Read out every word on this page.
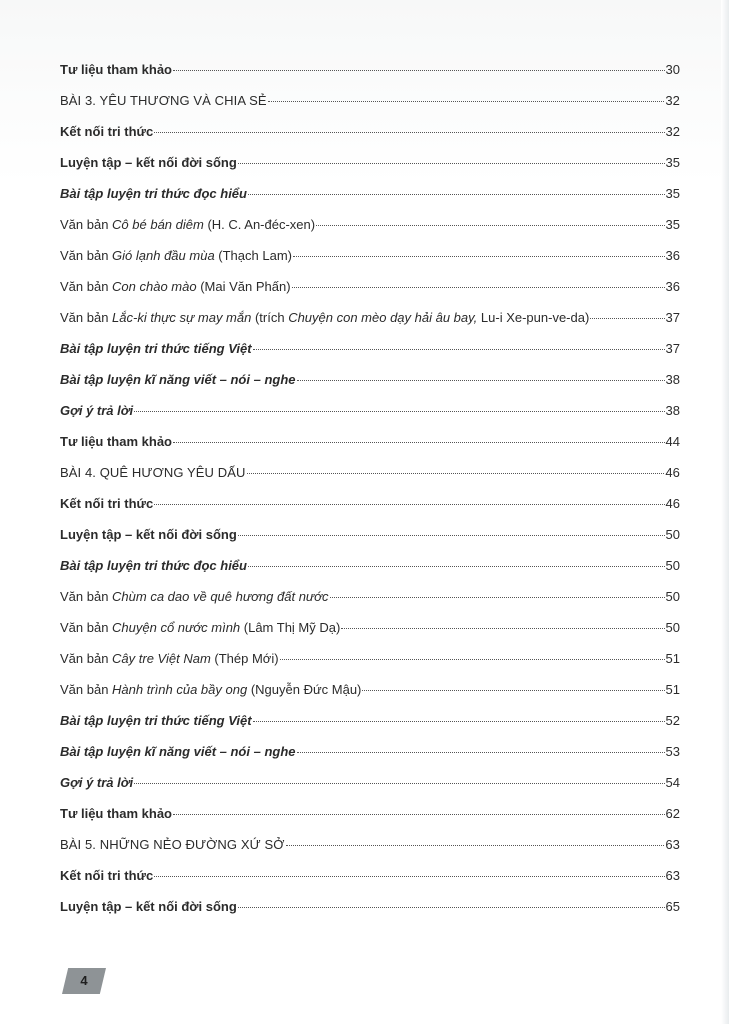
Tư liệu tham khảo	30
BÀI 3. YÊU THƯƠNG VÀ CHIA SẺ	32
Kết nối tri thức	32
Luyện tập – kết nối đời sống	35
Bài tập luyện tri thức đọc hiểu	35
Văn bản Cô bé bán diêm (H. C. An-đéc-xen)	35
Văn bản Gió lạnh đầu mùa (Thạch Lam)	36
Văn bản Con chào mào (Mai Văn Phấn)	36
Văn bản Lắc-ki thực sự may mắn (trích Chuyện con mèo dạy hải âu bay, Lu-i Xe-pun-ve-da)	37
Bài tập luyện tri thức tiếng Việt	37
Bài tập luyện kĩ năng viết – nói – nghe	38
Gợi ý trả lời	38
Tư liệu tham khảo	44
BÀI 4. QUÊ HƯƠNG YÊU DẤU	46
Kết nối tri thức	46
Luyện tập – kết nối đời sống	50
Bài tập luyện tri thức đọc hiểu	50
Văn bản Chùm ca dao về quê hương đất nước	50
Văn bản Chuyện cổ nước mình (Lâm Thị Mỹ Dạ)	50
Văn bản Cây tre Việt Nam (Thép Mới)	51
Văn bản Hành trình của bầy ong (Nguyễn Đức Mậu)	51
Bài tập luyện tri thức tiếng Việt	52
Bài tập luyện kĩ năng viết – nói – nghe	53
Gợi ý trả lời	54
Tư liệu tham khảo	62
BÀI 5. NHỮNG NẺO ĐƯỜNG XỨ SỞ	63
Kết nối tri thức	63
Luyện tập – kết nối đời sống	65
4
